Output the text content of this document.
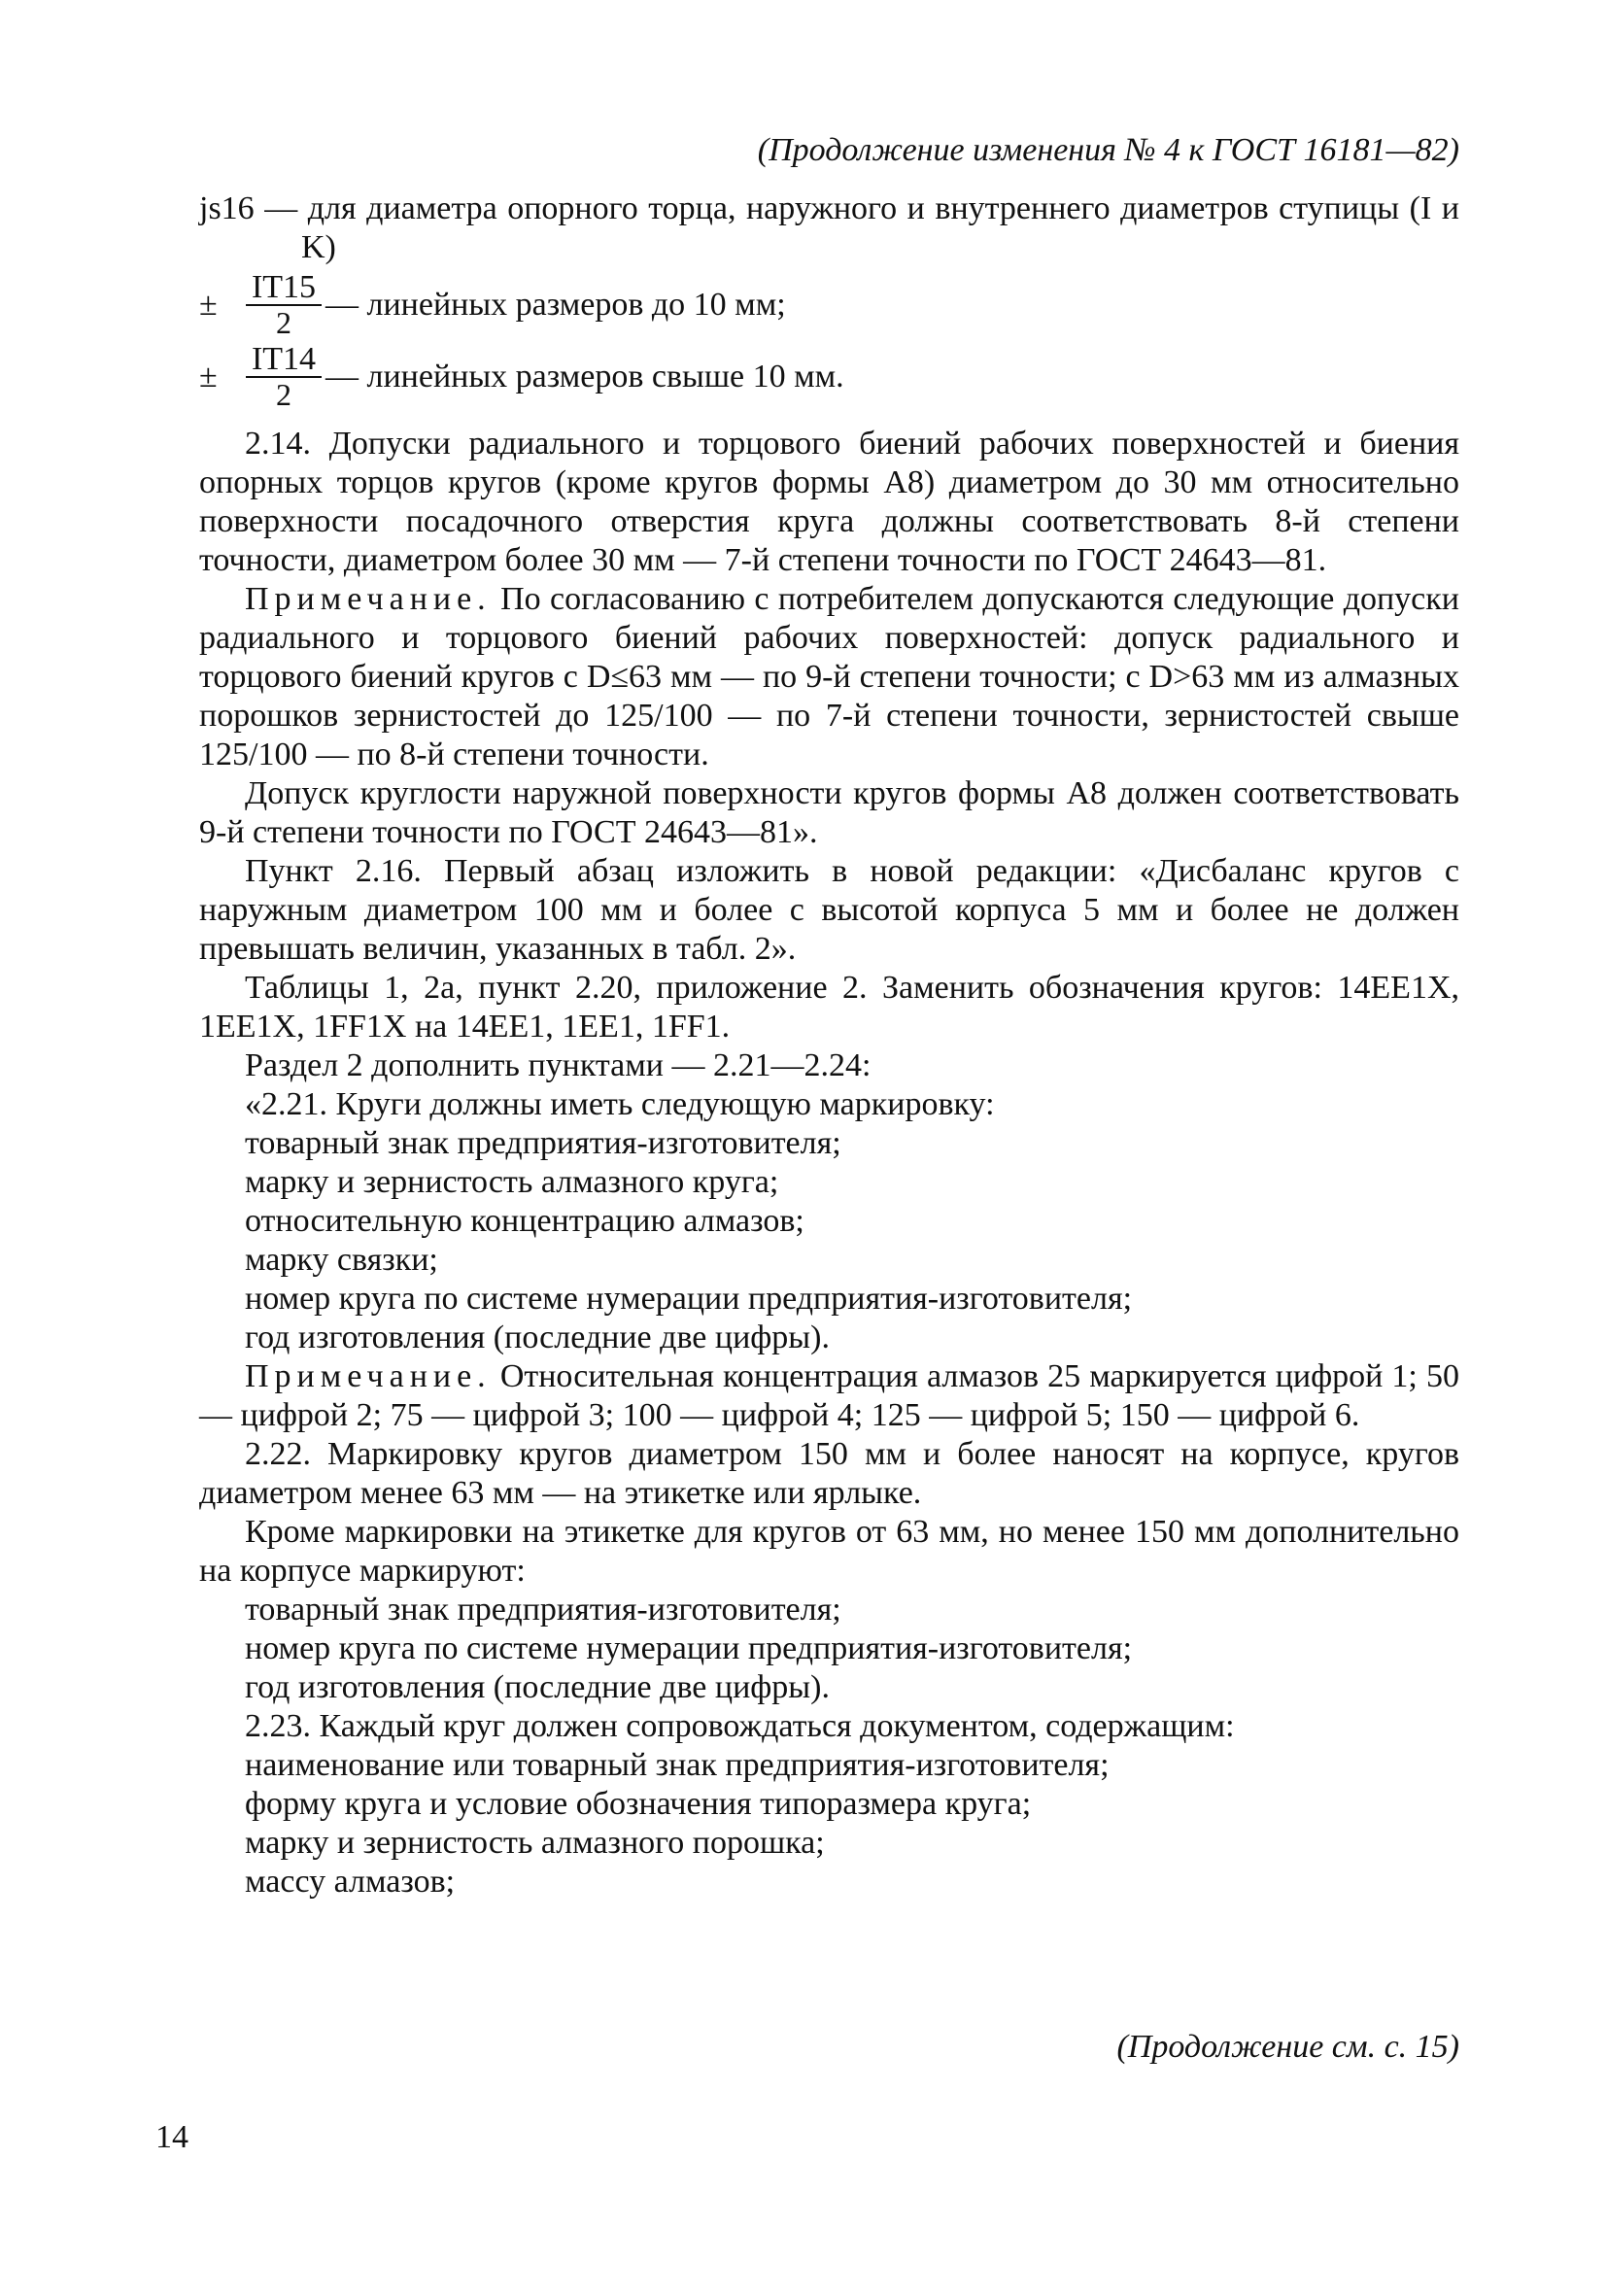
(Продолжение изменения № 4 к ГОСТ 16181—82)

js16 — для диаметра опорного торца, наружного и внутреннего диаметров ступицы (I и K)

± $\frac{IT15}{2}$ — линейных размеров до 10 мм;
± $\frac{IT14}{2}$ — линейных размеров свыше 10 мм.

2.14. Допуски радиального и торцового биений рабочих поверхностей и биения опорных торцов кругов (кроме кругов формы А8) диаметром до 30 мм относительно поверхности посадочного отверстия круга должны соответствовать 8-й степени точности, диаметром более 30 мм — 7-й степени точности по ГОСТ 24643—81.

Примечание. По согласованию с потребителем допускаются следующие допуски радиального и торцового биений рабочих поверхностей: допуск радиального и торцового биений кругов с D≤63 мм — по 9-й степени точности; с D>63 мм из алмазных порошков зернистостей до 125/100 — по 7-й степени точности, зернистостей свыше 125/100 — по 8-й степени точности.

Допуск круглости наружной поверхности кругов формы А8 должен соответствовать 9-й степени точности по ГОСТ 24643—81».

Пункт 2.16. Первый абзац изложить в новой редакции: «Дисбаланс кругов с наружным диаметром 100 мм и более с высотой корпуса 5 мм и более не должен превышать величин, указанных в табл. 2».

Таблицы 1, 2а, пункт 2.20, приложение 2. Заменить обозначения кругов: 14EE1X, 1EE1X, 1FF1X на 14EE1, 1EE1, 1FF1.

Раздел 2 дополнить пунктами — 2.21—2.24:

«2.21. Круги должны иметь следующую маркировку:

товарный знак предприятия-изготовителя;

марку и зернистость алмазного круга;

относительную концентрацию алмазов;

марку связки;

номер круга по системе нумерации предприятия-изготовителя;

год изготовления (последние две цифры).

Примечание. Относительная концентрация алмазов 25 маркируется цифрой 1; 50 — цифрой 2; 75 — цифрой 3; 100 — цифрой 4; 125 — цифрой 5; 150 — цифрой 6.

2.22. Маркировку кругов диаметром 150 мм и более наносят на корпусе, кругов диаметром менее 63 мм — на этикетке или ярлыке.

Кроме маркировки на этикетке для кругов от 63 мм, но менее 150 мм дополнительно на корпусе маркируют:

товарный знак предприятия-изготовителя;

номер круга по системе нумерации предприятия-изготовителя;

год изготовления (последние две цифры).

2.23. Каждый круг должен сопровождаться документом, содержащим:

наименование или товарный знак предприятия-изготовителя;

форму круга и условие обозначения типоразмера круга;

марку и зернистость алмазного порошка;

массу алмазов;

(Продолжение см. с. 15)
14
